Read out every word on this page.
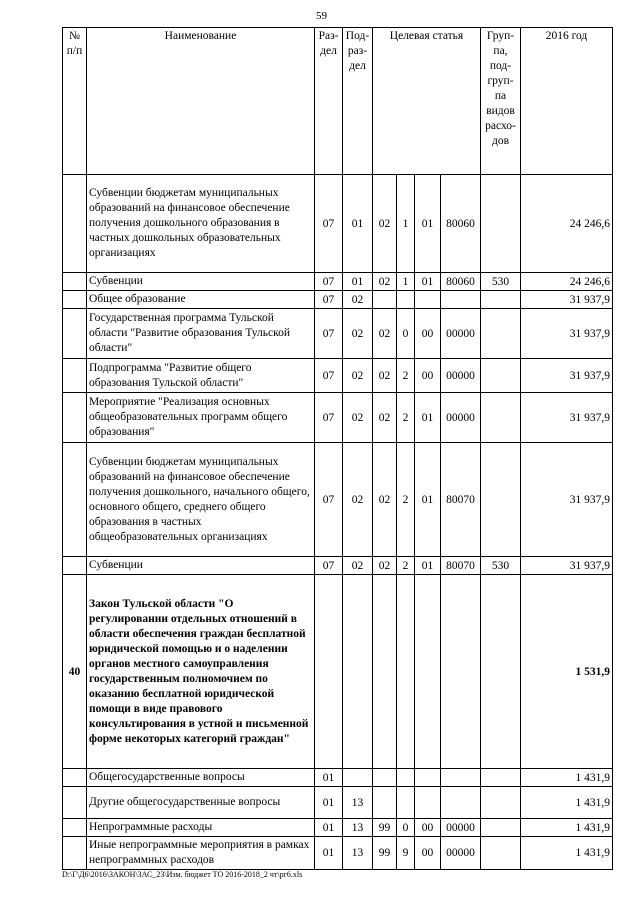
59
№ п/п	Наименование	Раз-дел	Под-раз-дел	Целевая статья				Груп-па, под-груп-па видов расхо-дов	2016 год
	Субвенции бюджетам муниципальных образований на финансовое обеспечение получения дошкольного образования в частных дошкольных образовательных организациях	07	01	02	1	01	80060		24 246,6
	Субвенции	07	01	02	1	01	80060	530	24 246,6
	Общее образование	07	02						31 937,9
	Государственная программа Тульской области "Развитие образования Тульской области"	07	02	02	0	00	00000		31 937,9
	Подпрограмма "Развитие общего образования Тульской области"	07	02	02	2	00	00000		31 937,9
	Мероприятие "Реализация основных общеобразовательных программ общего образования"	07	02	02	2	01	00000		31 937,9
	Субвенции бюджетам муниципальных образований на финансовое обеспечение получения дошкольного, начального общего, основного общего, среднего общего образования в частных общеобразовательных организациях	07	02	02	2	01	80070		31 937,9
	Субвенции	07	02	02	2	01	80070	530	31 937,9
40	Закон Тульской области "О регулировании отдельных отношений в области обеспечения граждан бесплатной юридической помощью и о наделении органов местного самоуправления государственным полномочием по оказанию бесплатной юридической помощи в виде правового консультирования в устной и письменной форме некоторых категорий граждан"								1 531,9
	Общегосударственные вопросы	01							1 431,9
	Другие общегосударственные вопросы	01	13						1 431,9
	Непрограммные расходы	01	13	99	0	00	00000		1 431,9
	Иные непрограммные мероприятия в рамках непрограммных расходов	01	13	99	9	00	00000		1 431,9
D:\Г\Д6\2016\ЗАКОН\ЗАС_23\Изм. бюджет ТО 2016-2018_2 чт\рг6.xls
